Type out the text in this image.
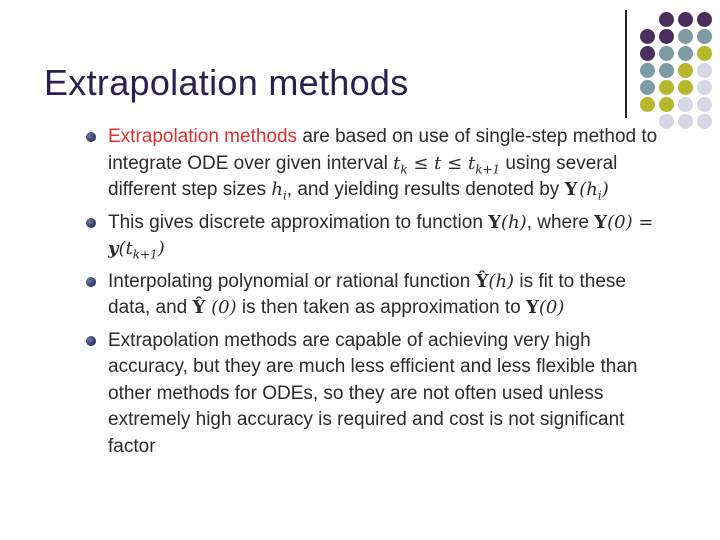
Extrapolation methods
Extrapolation methods are based on use of single-step method to integrate ODE over given interval $t_k \le t \le t_{k+1}$ using several different step sizes $h_i$, and yielding results denoted by Y $(h_i)$
This gives discrete approximation to function Y(h), where $Y(0) = y(t_{k+1})$
Interpolating polynomial or rational function Ŷ(h) is fit to these data, and Ŷ (0) is then taken as approximation to Y(0)
Extrapolation methods are capable of achieving very high accuracy, but they are much less efficient and less flexible than other methods for ODEs, so they are not often used unless extremely high accuracy is required and cost is not significant factor
